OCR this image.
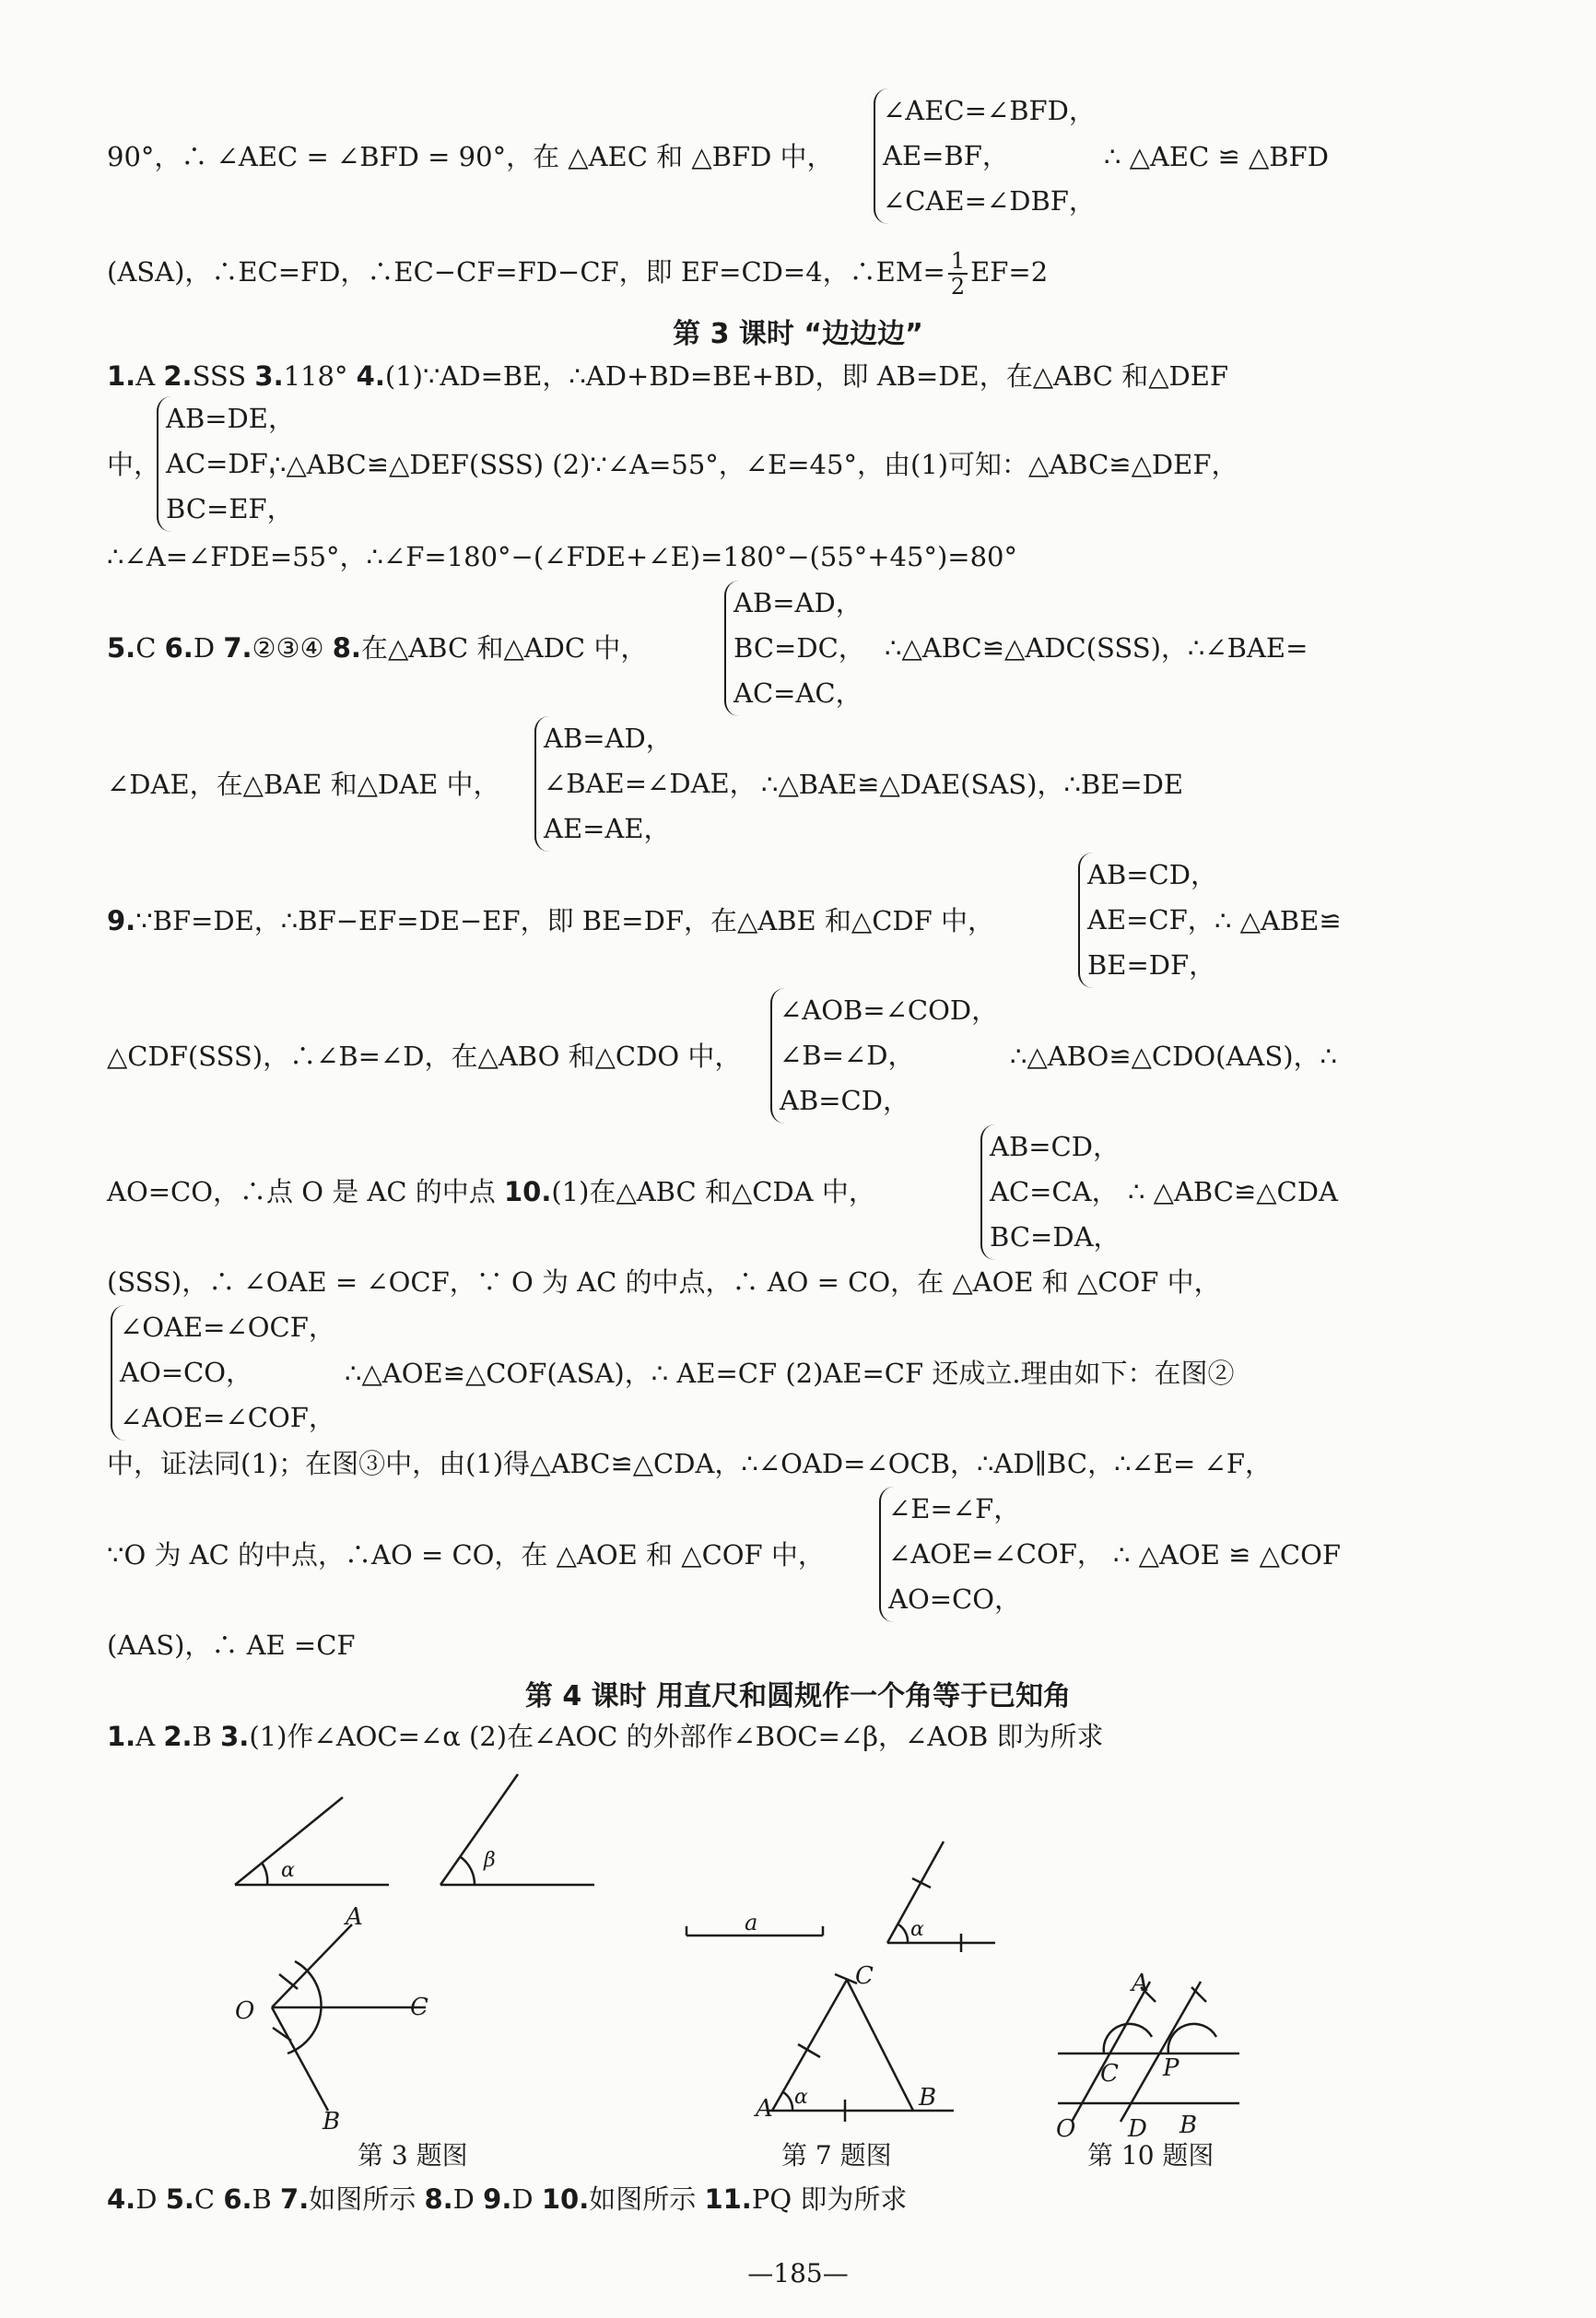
90°，∴ ∠AEC = ∠BFD = 90°，在 △AEC 和 △BFD 中，
∠AEC=∠BFD，
AE=BF，
∠CAE=∠DBF，
∴ △AEC ≌ △BFD
(ASA)，∴EC=FD，∴EC−CF=FD−CF，即 EF=CD=4，∴EM= $\frac{1}{2} EF=2$
第 3 课时 “边边边”
1.A 2.SSS 3.118° 4.(1)∵AD=BE，∴AD+BD=BE+BD，即 AB=DE，在△ABC 和△DEF
中，
AB=DE，
AC=DF，
BC=EF，
∴△ABC≌△DEF(SSS) (2)∵∠A=55°，∠E=45°，由(1)可知：△ABC≌△DEF，
∴∠A=∠FDE=55°，∴∠F=180°−(∠FDE+∠E)=180°−(55°+45°)=80°
5.C 6.D 7.②③④ 8.在△ABC 和△ADC 中，
AB=AD，
BC=DC，
AC=AC，
∴△ABC≌△ADC(SSS)，∴∠BAE=
∠DAE，在△BAE 和△DAE 中，
AB=AD，
∠BAE=∠DAE，
AE=AE，
∴△BAE≌△DAE(SAS)，∴BE=DE
9.∵BF=DE，∴BF−EF=DE−EF，即 BE=DF，在△ABE 和△CDF 中，
AB=CD，
AE=CF，
BE=DF，
∴ △ABE≌
△CDF(SSS)，∴∠B=∠D，在△ABO 和△CDO 中，
∠AOB=∠COD，
∠B=∠D，
AB=CD，
∴△ABO≌△CDO(AAS)，∴
AO=CO，∴点 O 是 AC 的中点 10.(1)在△ABC 和△CDA 中，
AB=CD，
AC=CA，
BC=DA，
∴ △ABC≌△CDA
(SSS)，∴ ∠OAE = ∠OCF，∵ O 为 AC 的中点，∴ AO = CO，在 △AOE 和 △COF 中，
∠OAE=∠OCF，
AO=CO，
∠AOE=∠COF，
∴△AOE≌△COF(ASA)，∴ AE=CF (2)AE=CF 还成立.理由如下：在图②
中，证法同(1)；在图③中，由(1)得△ABC≌△CDA，∴∠OAD=∠OCB，∴AD∥BC，∴∠E= ∠F，
∵O 为 AC 的中点，∴AO = CO，在 △AOE 和 △COF 中，
∠E=∠F，
∠AOE=∠COF，
AO=CO，
∴ △AOE ≌ △COF
(AAS)，∴ AE =CF
第 4 课时 用直尺和圆规作一个角等于已知角
1.A 2.B 3.(1)作∠AOC=∠α (2)在∠AOC 的外部作∠BOC=∠β，∠AOB 即为所求
α	β
A
O	C
B
a	α
A	B
C
α
A
C P
O D B
第 3 题图	第 7 题图	第 10 题图
4.D 5.C 6.B 7.如图所示 8.D 9.D 10.如图所示 11.PQ 即为所求
—185—
